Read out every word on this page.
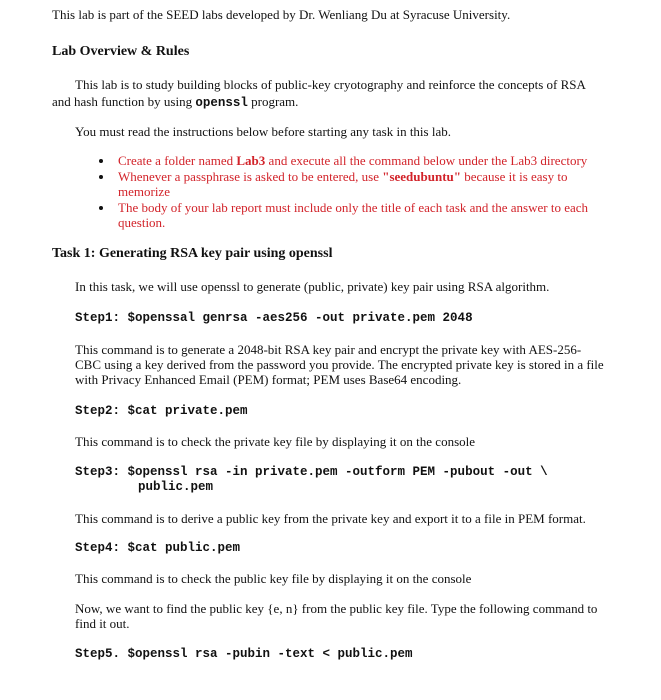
This lab is part of the SEED labs developed by Dr. Wenliang Du at Syracuse University.
Lab Overview & Rules
This lab is to study building blocks of public-key cryotography and reinforce the concepts of RSA
and hash function by using openssl program.
You must read the instructions below before starting any task in this lab.
Create a folder named Lab3 and execute all the command below under the Lab3 directory
Whenever a passphrase is asked to be entered, use "seedubuntu" because it is easy to
memorize
The body of your lab report must include only the title of each task and the answer to each
question.
Task 1: Generating RSA key pair using openssl
In this task, we will use openssl to generate (public, private) key pair using RSA algorithm.
Step1: $openssal genrsa -aes256 -out private.pem 2048
This command is to generate a 2048-bit RSA key pair and encrypt the private key with AES-256-
CBC using a key derived from the password you provide. The encrypted private key is stored in a file
with Privacy Enhanced Email (PEM) format; PEM uses Base64 encoding.
Step2: $cat private.pem
This command is to check the private key file by displaying it on the console
Step3: $openssl rsa -in private.pem -outform PEM -pubout -out \
public.pem
This command is to derive a public key from the private key and export it to a file in PEM format.
Step4: $cat public.pem
This command is to check the public key file by displaying it on the console
Now, we want to find the public key {e, n} from the public key file. Type the following command to
find it out.
Step5. $openssl rsa -pubin -text < public.pem
